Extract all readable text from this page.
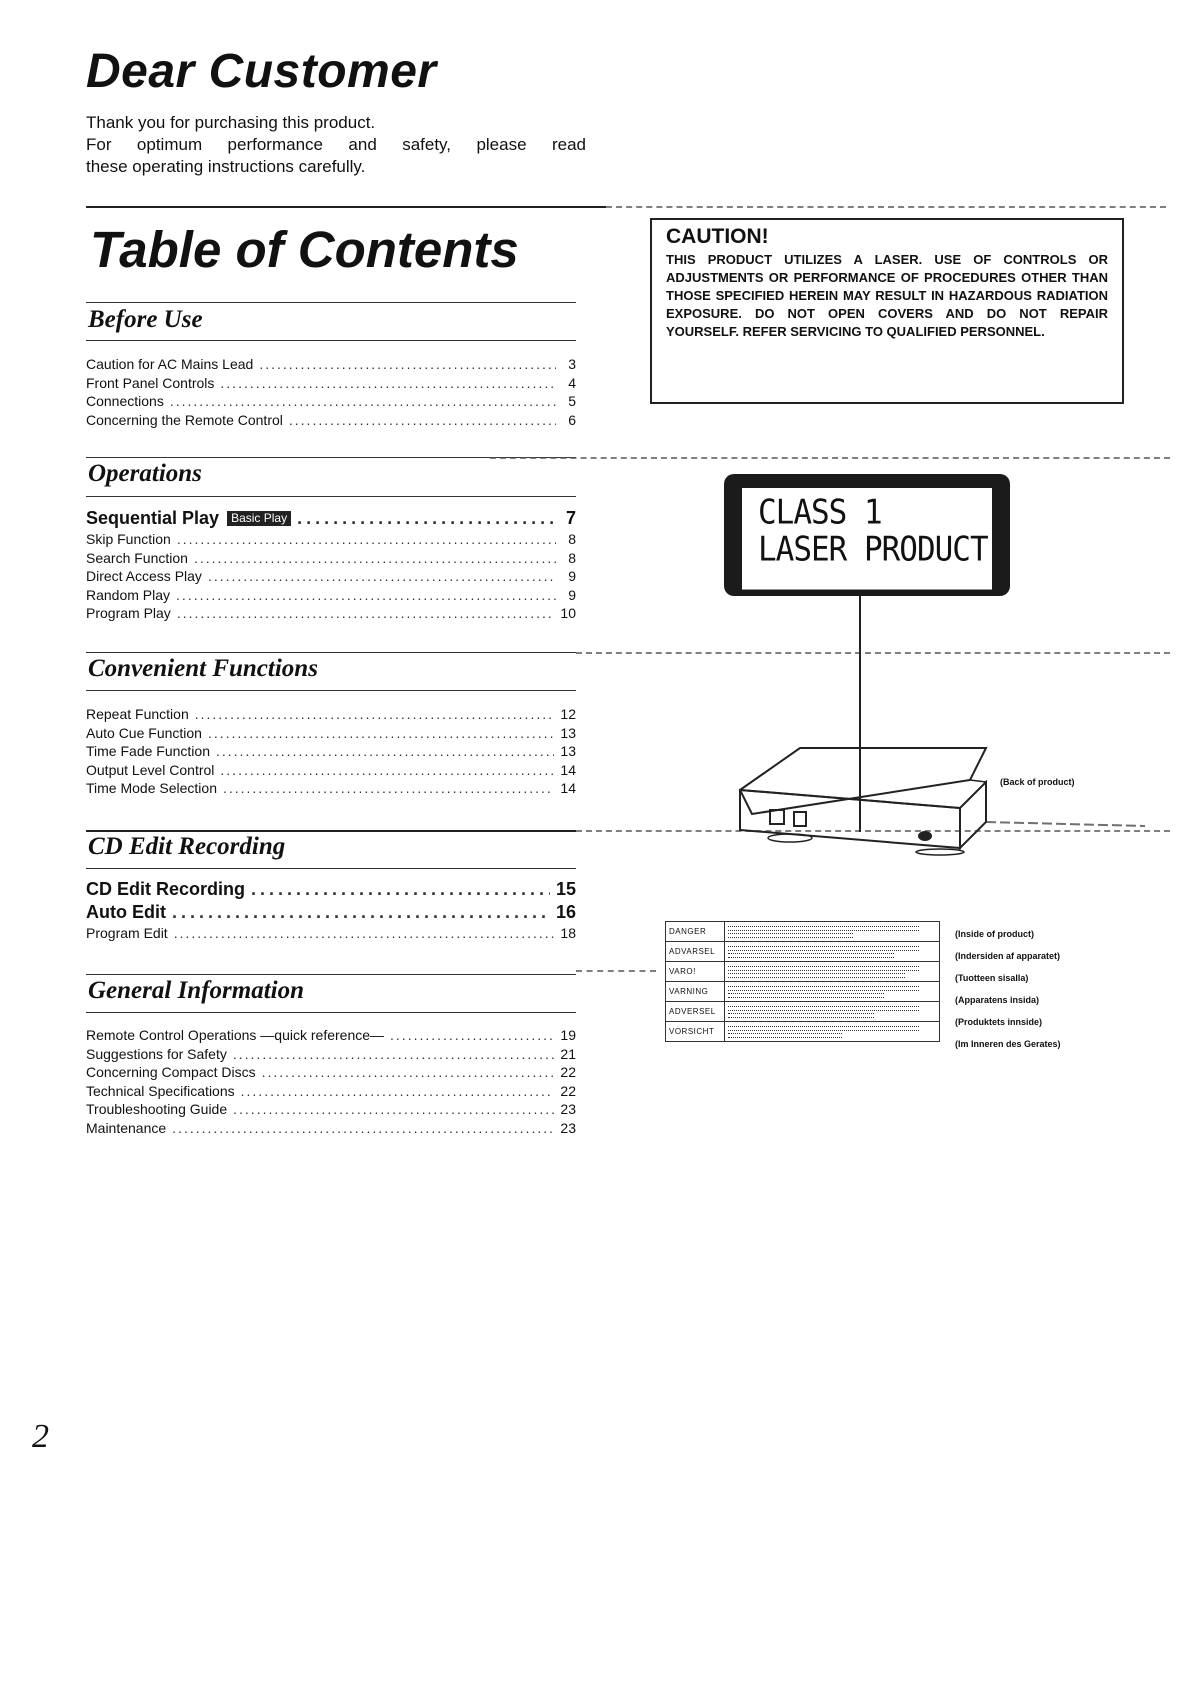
Dear Customer

Thank you for purchasing this product.

For optimum performance and safety, please read

these operating instructions carefully.

Table of Contents
Before Use
Caution for AC Mains Lead .....	3
Front Panel Controls .....	4
Connections .....	5
Concerning the Remote Control .....	6
Operations
Sequential Play Basic Play .....	7
Skip Function .....	8
Search Function .....	8
Direct Access Play .....	9
Random Play .....	9
Program Play .....	10
Convenient Functions
Repeat Function .....	12
Auto Cue Function .....	13
Time Fade Function .....	13
Output Level Control .....	14
Time Mode Selection .....	14
CD Edit Recording
CD Edit Recording .....	15
Auto Edit .....	16
Program Edit .....	18
General Information
Remote Control Operations —quick reference— .....	19
Suggestions for Safety .....	21
Concerning Compact Discs .....	22
Technical Specifications .....	22
Troubleshooting Guide .....	23
Maintenance .....	23
CAUTION!
THIS PRODUCT UTILIZES A LASER. USE OF CONTROLS OR ADJUSTMENTS OR PERFORMANCE OF PROCEDURES OTHER THAN THOSE SPECIFIED HEREIN MAY RESULT IN HAZARDOUS RADIATION EXPOSURE. DO NOT OPEN COVERS AND DO NOT REPAIR YOURSELF. REFER SERVICING TO QUALIFIED PERSONNEL.
CLASS 1
LASER PRODUCT
(Back of product)
DANGER	

ADVARSEL	

VARO!	

VARNING	

ADVERSEL	

VORSICHT	
(Inside of product)
(Indersiden af apparatet)
(Tuotteen sisalla)
(Apparatens insida)
(Produktets innside)
(Im Inneren des Gerates)
2
